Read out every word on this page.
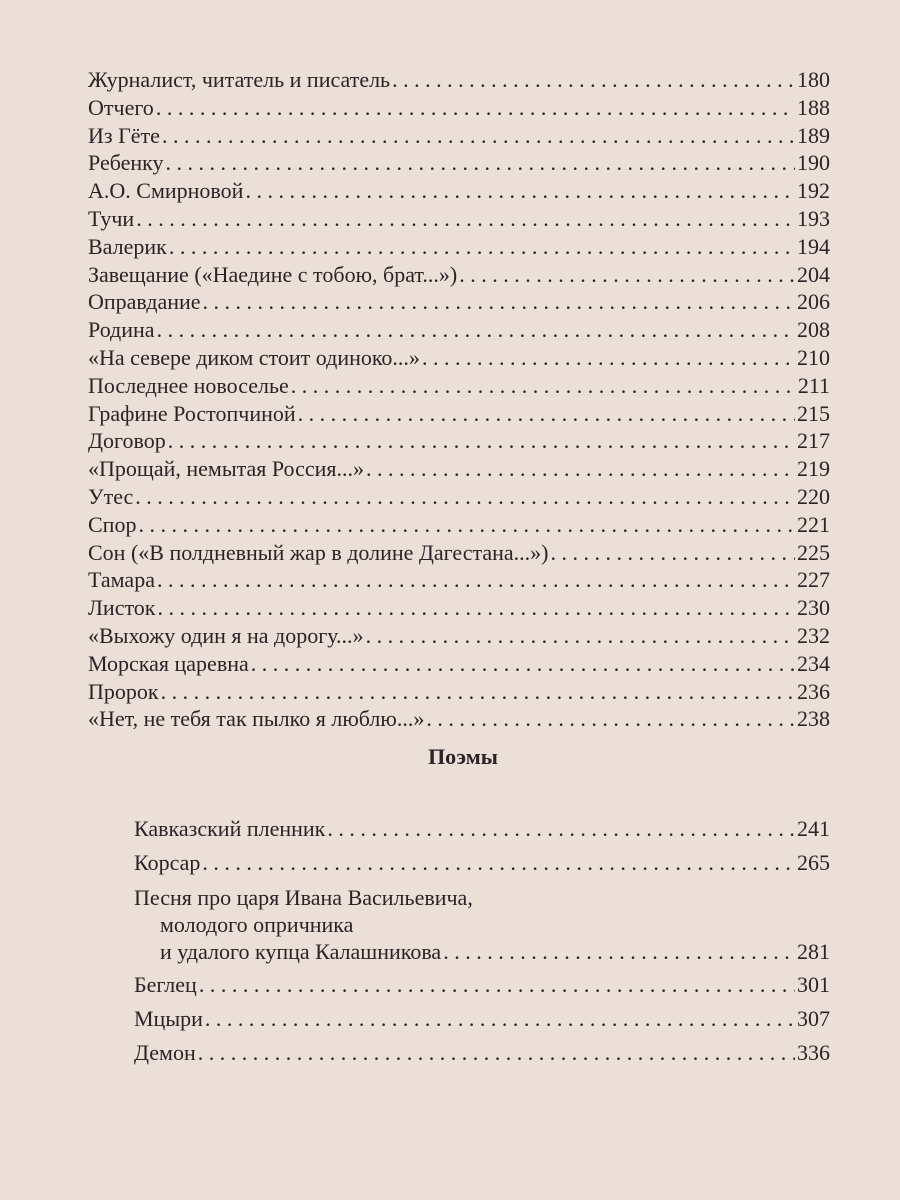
Журналист, читатель и писатель . . .	180
Отчего . . .	188
Из Гёте . . .	189
Ребенку . . .	190
А.О. Смирновой . . .	192
Тучи . . .	193
Валерик . . .	194
Завещание («Наедине с тобою, брат...») . . .	204
Оправдание . . .	206
Родина . . .	208
«На севере диком стоит одиноко...» . . .	210
Последнее новоселье . . .	211
Графине Ростопчиной . . .	215
Договор . . .	217
«Прощай, немытая Россия...» . . .	219
Утес . . .	220
Спор . . .	221
Сон («В полдневный жар в долине Дагестана...») . . .	225
Тамара . . .	227
Листок . . .	230
«Выхожу один я на дорогу...» . . .	232
Морская царевна . . .	234
Пророк . . .	236
«Нет, не тебя так пылко я люблю...» . . .	238
Поэмы
Кавказский пленник . . .	241
Корсар . . .	265
Песня про царя Ивана Васильевича,
молодого опричника
и удалого купца Калашникова . . .	281
Беглец . . .	301
Мцыри . . .	307
Демон . . .	336
